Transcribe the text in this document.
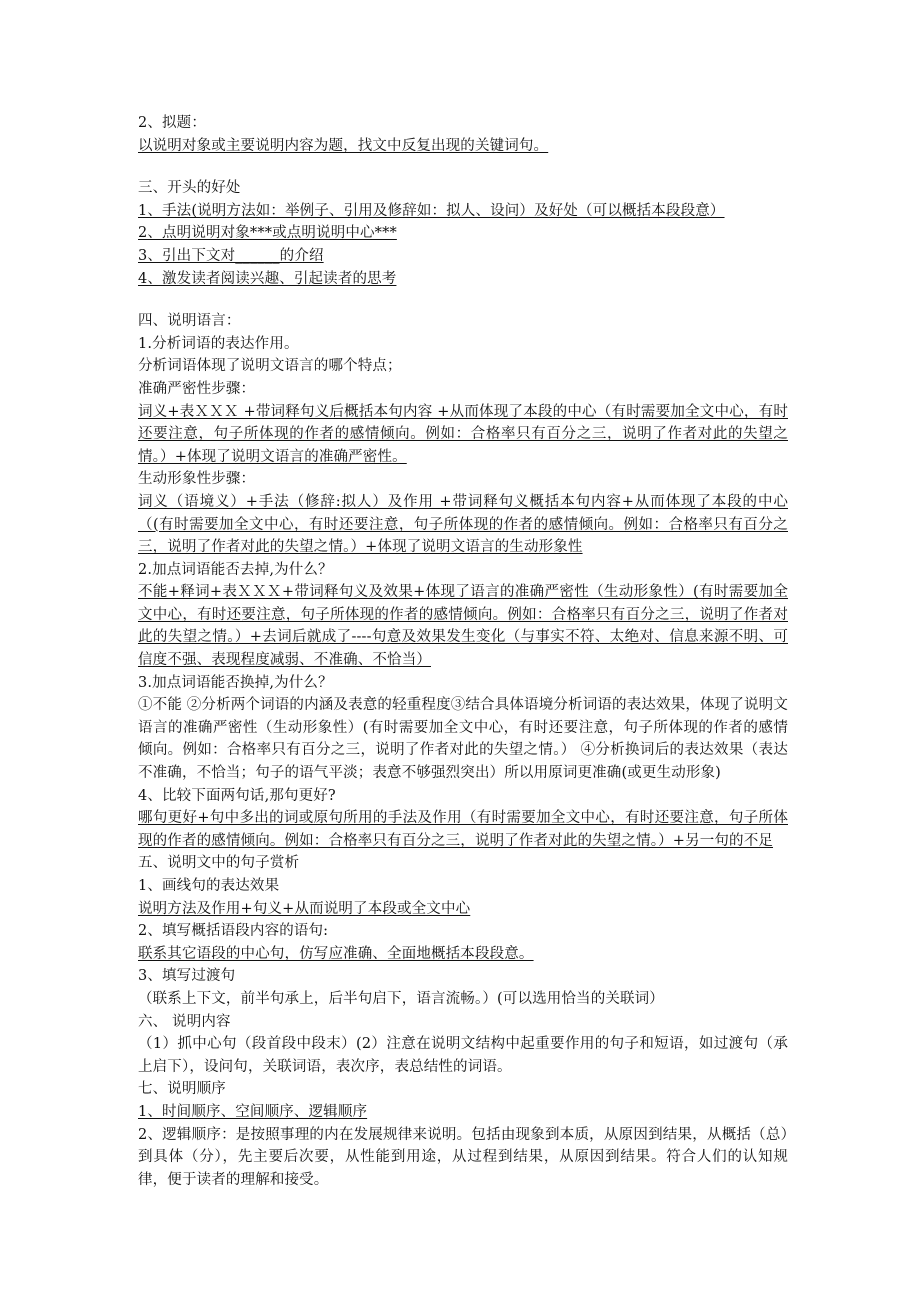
2、拟题：
以说明对象或主要说明内容为题，找文中反复出现的关键词句。
三、开头的好处
1、手法(说明方法如：举例子、引用及修辞如：拟人、设问）及好处（可以概括本段段意）
2、点明说明对象***或点明说明中心***
3、引出下文对______的介绍
4、激发读者阅读兴趣、引起读者的思考
四、说明语言：
1.分析词语的表达作用。
分析词语体现了说明文语言的哪个特点；
准确严密性步骤：
词义+表ＸＸＸ +带词释句义后概括本句内容 +从而体现了本段的中心（有时需要加全文中心，有时还要注意，句子所体现的作者的感情倾向。例如：合格率只有百分之三，说明了作者对此的失望之情。）+体现了说明文语言的准确严密性。
生动形象性步骤：
词义（语境义）+手法（修辞:拟人）及作用 +带词释句义概括本句内容+从而体现了本段的中心（(有时需要加全文中心，有时还要注意，句子所体现的作者的感情倾向。例如：合格率只有百分之三，说明了作者对此的失望之情。）+体现了说明文语言的生动形象性
2.加点词语能否去掉,为什么？
不能+释词+表ＸＸＸ+带词释句义及效果+体现了语言的准确严密性（生动形象性）(有时需要加全文中心，有时还要注意，句子所体现的作者的感情倾向。例如：合格率只有百分之三，说明了作者对此的失望之情。）+去词后就成了----句意及效果发生变化（与事实不符、太绝对、信息来源不明、可信度不强、表现程度减弱、不准确、不恰当）
3.加点词语能否换掉,为什么？
①不能 ②分析两个词语的内涵及表意的轻重程度③结合具体语境分析词语的表达效果，体现了说明文语言的准确严密性（生动形象性）(有时需要加全文中心，有时还要注意，句子所体现的作者的感情倾向。例如：合格率只有百分之三，说明了作者对此的失望之情。） ④分析换词后的表达效果（表达不准确，不恰当；句子的语气平淡；表意不够强烈突出）所以用原词更准确(或更生动形象)
4、比较下面两句话,那句更好?
哪句更好+句中多出的词或原句所用的手法及作用（有时需要加全文中心，有时还要注意，句子所体现的作者的感情倾向。例如：合格率只有百分之三，说明了作者对此的失望之情。）+另一句的不足
五、说明文中的句子赏析
1、画线句的表达效果
说明方法及作用+句义+从而说明了本段或全文中心
2、填写概括语段内容的语句:
联系其它语段的中心句，仿写应准确、全面地概括本段段意。
3、填写过渡句
（联系上下文，前半句承上，后半句启下，语言流畅。）(可以选用恰当的关联词）
六、 说明内容
（1）抓中心句（段首段中段末）(2）注意在说明文结构中起重要作用的句子和短语，如过渡句（承上启下），设问句，关联词语，表次序，表总结性的词语。
七、说明顺序
1、时间顺序、空间顺序、逻辑顺序
2、逻辑顺序：是按照事理的内在发展规律来说明。包括由现象到本质，从原因到结果，从概括（总）到具体（分），先主要后次要，从性能到用途，从过程到结果，从原因到结果。符合人们的认知规律，便于读者的理解和接受。
